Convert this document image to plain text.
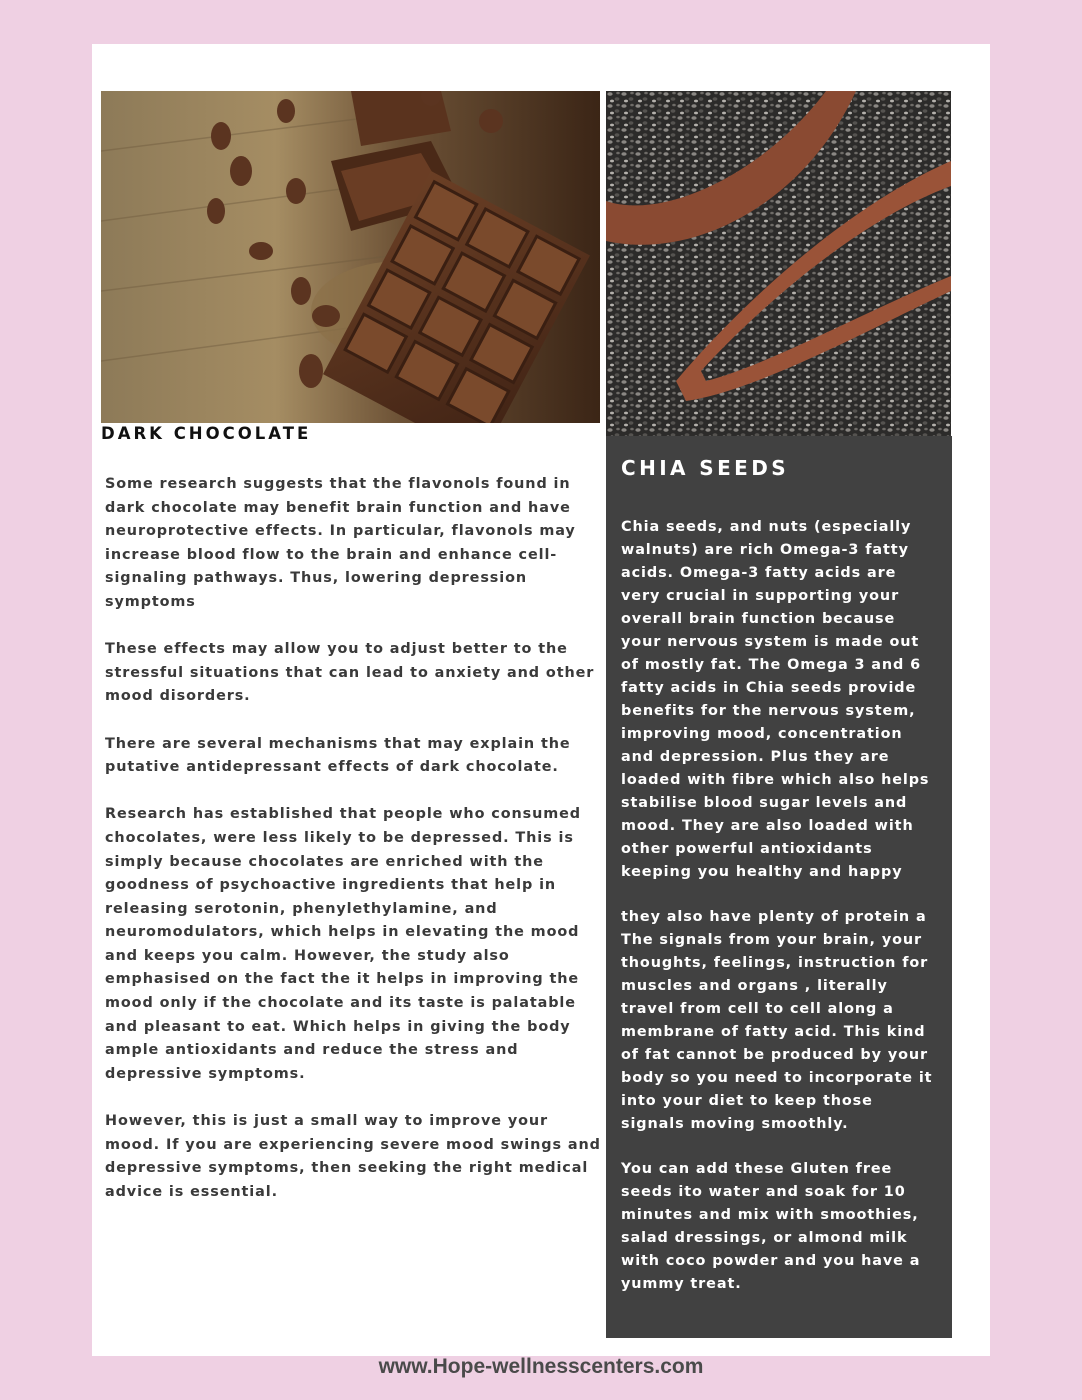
DARK CHOCOLATE

Some research suggests that the flavonols found in dark chocolate may benefit brain function and have neuroprotective effects. In particular, flavonols may increase blood flow to the brain and enhance cell-signaling pathways. Thus, lowering depression symptoms

These effects may allow you to adjust better to the stressful situations that can lead to anxiety and other mood disorders.

There are several mechanisms that may explain the putative antidepressant effects of dark chocolate.

Research has established that people who consumed chocolates, were less likely to be depressed. This is simply because chocolates are enriched with the goodness of psychoactive ingredients that help in releasing serotonin, phenylethylamine, and neuromodulators, which helps in elevating the mood and keeps you calm. However, the study also emphasised on the fact the it helps in improving the mood only if the chocolate and its taste is palatable and pleasant to eat. Which helps in giving the body ample antioxidants and reduce the stress and depressive symptoms.

However, this is just a small way to improve your mood. If you are experiencing severe mood swings and depressive symptoms, then seeking the right medical advice is essential.

CHIA SEEDS

Chia seeds, and nuts (especially walnuts) are rich Omega-3 fatty acids. Omega-3 fatty acids are very crucial in supporting your overall brain function because your nervous system is made out of mostly fat. The Omega 3 and 6 fatty acids in Chia seeds provide benefits for the nervous system, improving mood, concentration and depression. Plus they are loaded with fibre which also helps stabilise blood sugar levels and mood. They are also loaded with other powerful antioxidants keeping you healthy and happy

they also have plenty of protein a The signals from your brain, your thoughts, feelings, instruction for muscles and organs , literally travel from cell to cell along a membrane of fatty acid. This kind of fat cannot be produced by your body so you need to incorporate it into your diet to keep those signals moving smoothly.

You can add these Gluten free seeds ito water and soak for 10 minutes and mix with smoothies, salad dressings, or almond milk with coco powder and you have a yummy treat.

www.Hope-wellnesscenters.com
